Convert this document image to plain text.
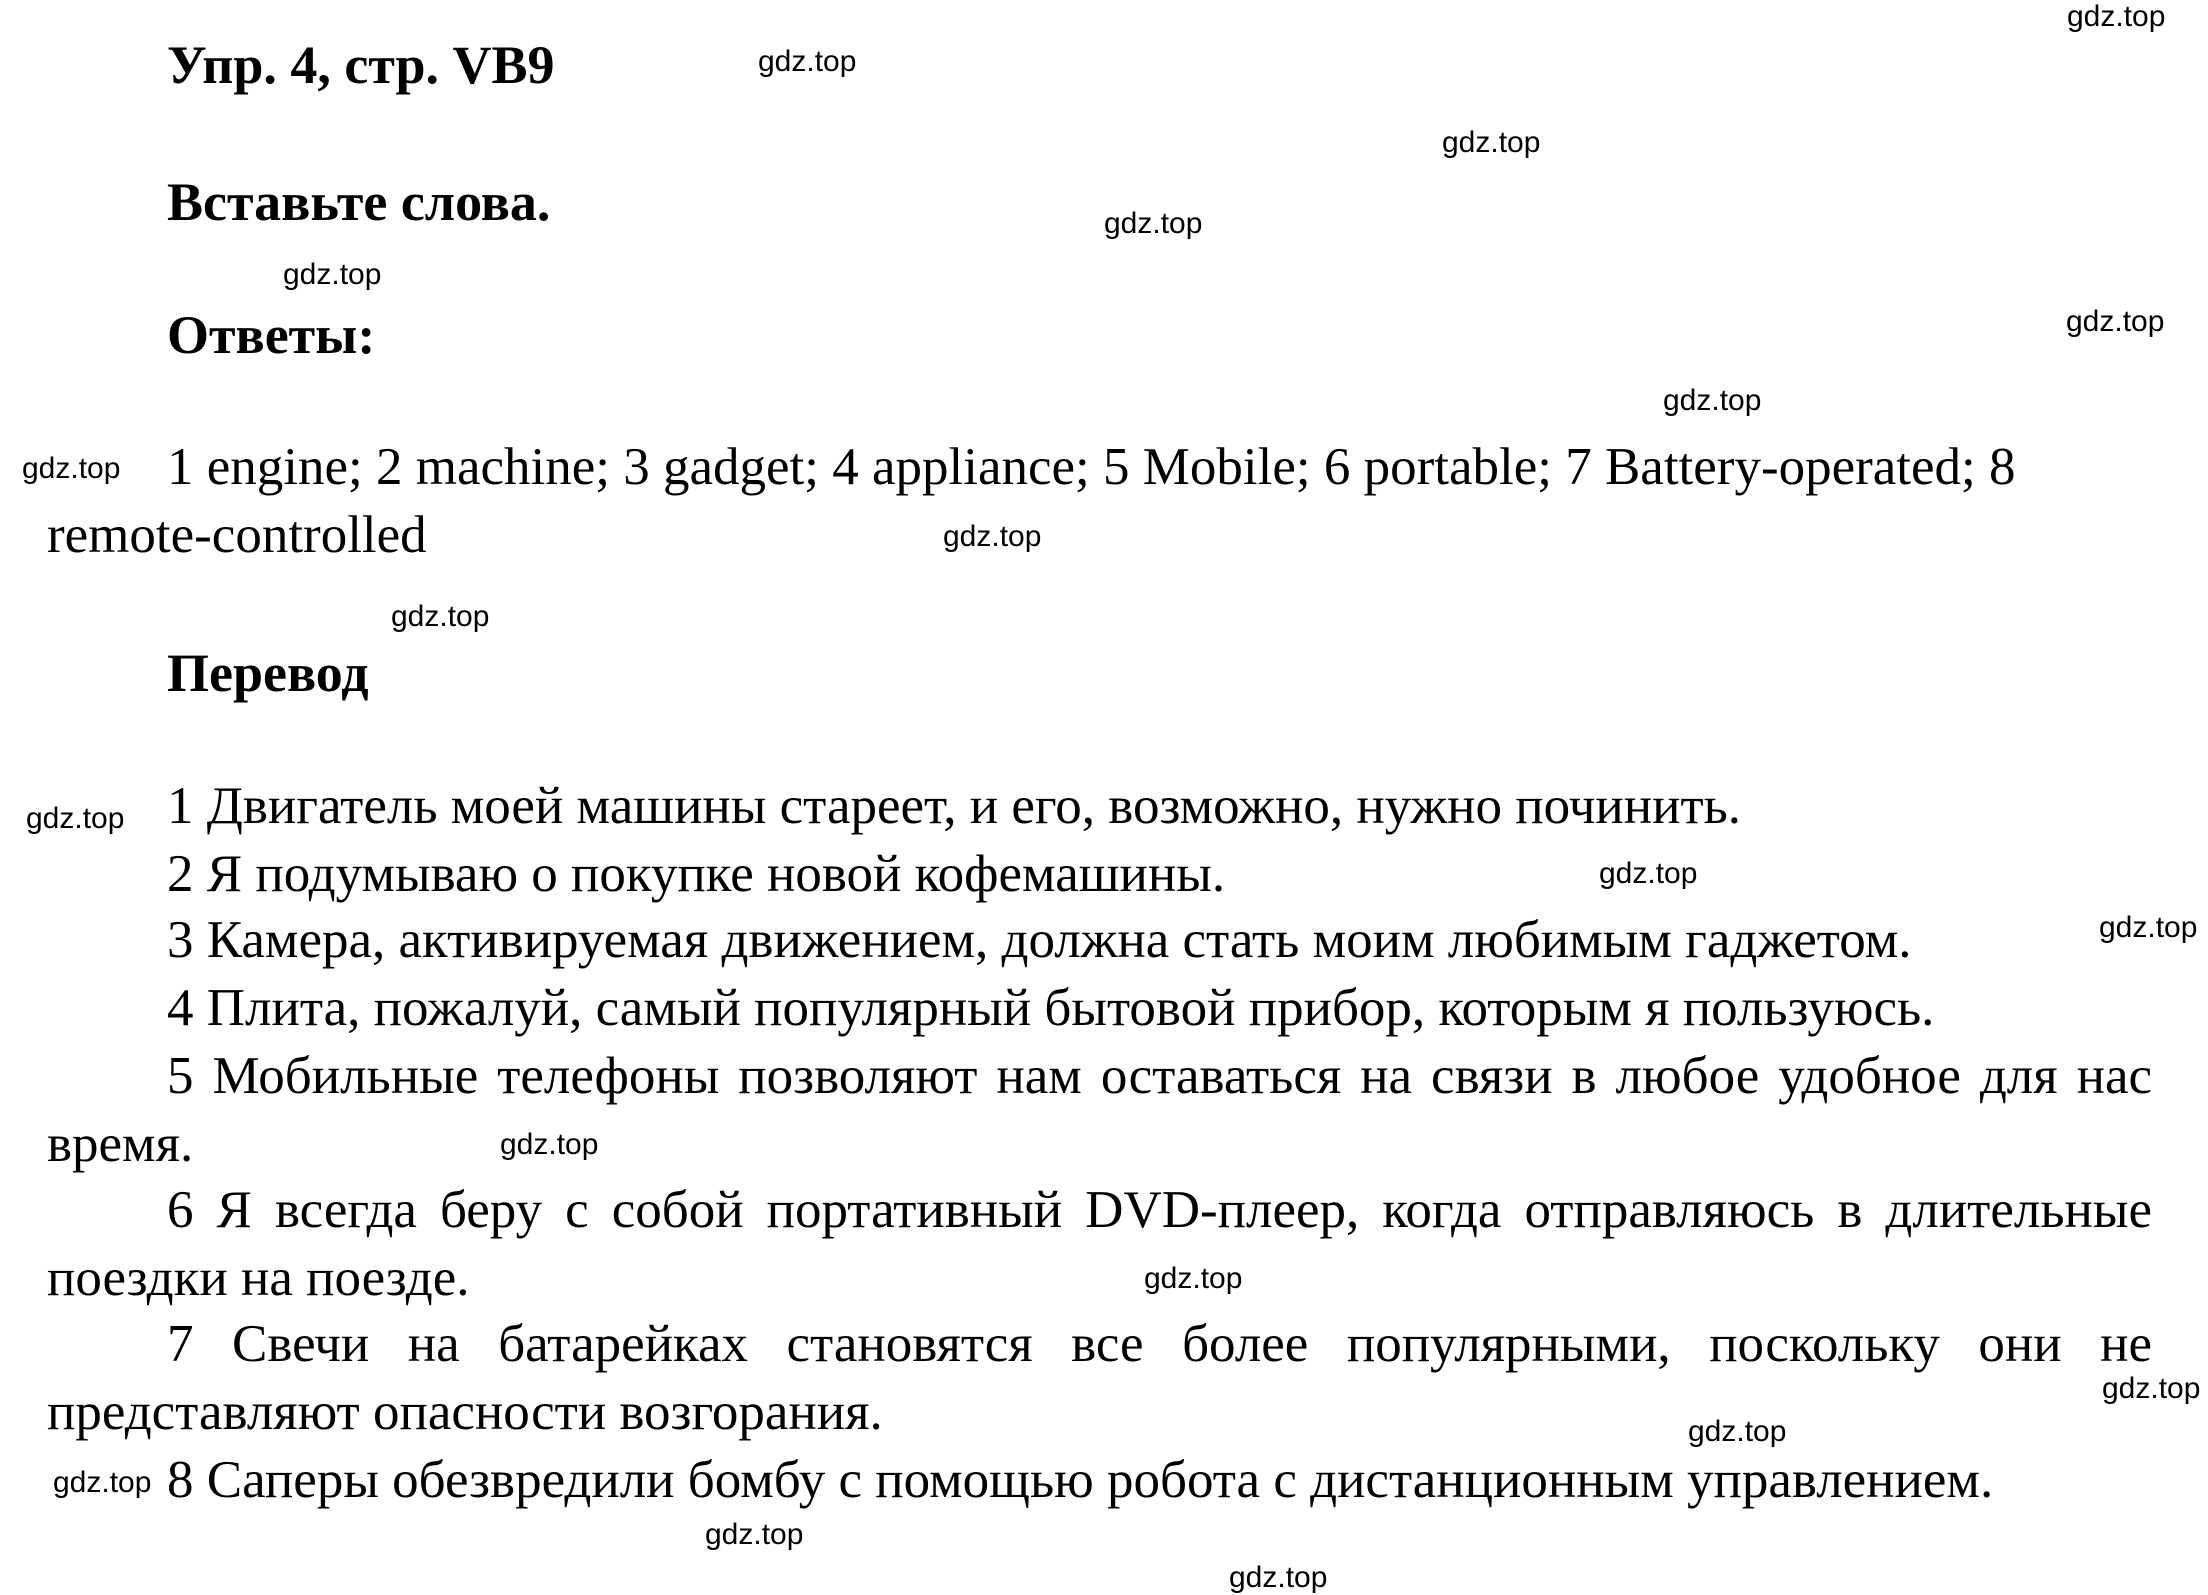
Упр. 4, стр. VB9
Вставьте слова.
Ответы:

1 engine; 2 machine; 3 gadget; 4 appliance; 5 Mobile; 6 portable; 7 Battery-operated; 8 remote-controlled

Перевод

1 Двигатель моей машины стареет, и его, возможно, нужно починить.

2 Я подумываю о покупке новой кофемашины.

3 Камера, активируемая движением, должна стать моим любимым гаджетом.

4 Плита, пожалуй, самый популярный бытовой прибор, которым я пользуюсь.

5 Мобильные телефоны позволяют нам оставаться на связи в любое удобное для нас время.

6 Я всегда беру с собой портативный DVD-плеер, когда отправляюсь в длительные поездки на поезде.

7 Свечи на батарейках становятся все более популярными, поскольку они не представляют опасности возгорания.

8 Саперы обезвредили бомбу с помощью робота с дистанционным управлением.

gdz.top
gdz.top
gdz.top
gdz.top
gdz.top
gdz.top
gdz.top
gdz.top
gdz.top
gdz.top
gdz.top
gdz.top
gdz.top
gdz.top
gdz.top
gdz.top
gdz.top
gdz.top
gdz.top
gdz.top
